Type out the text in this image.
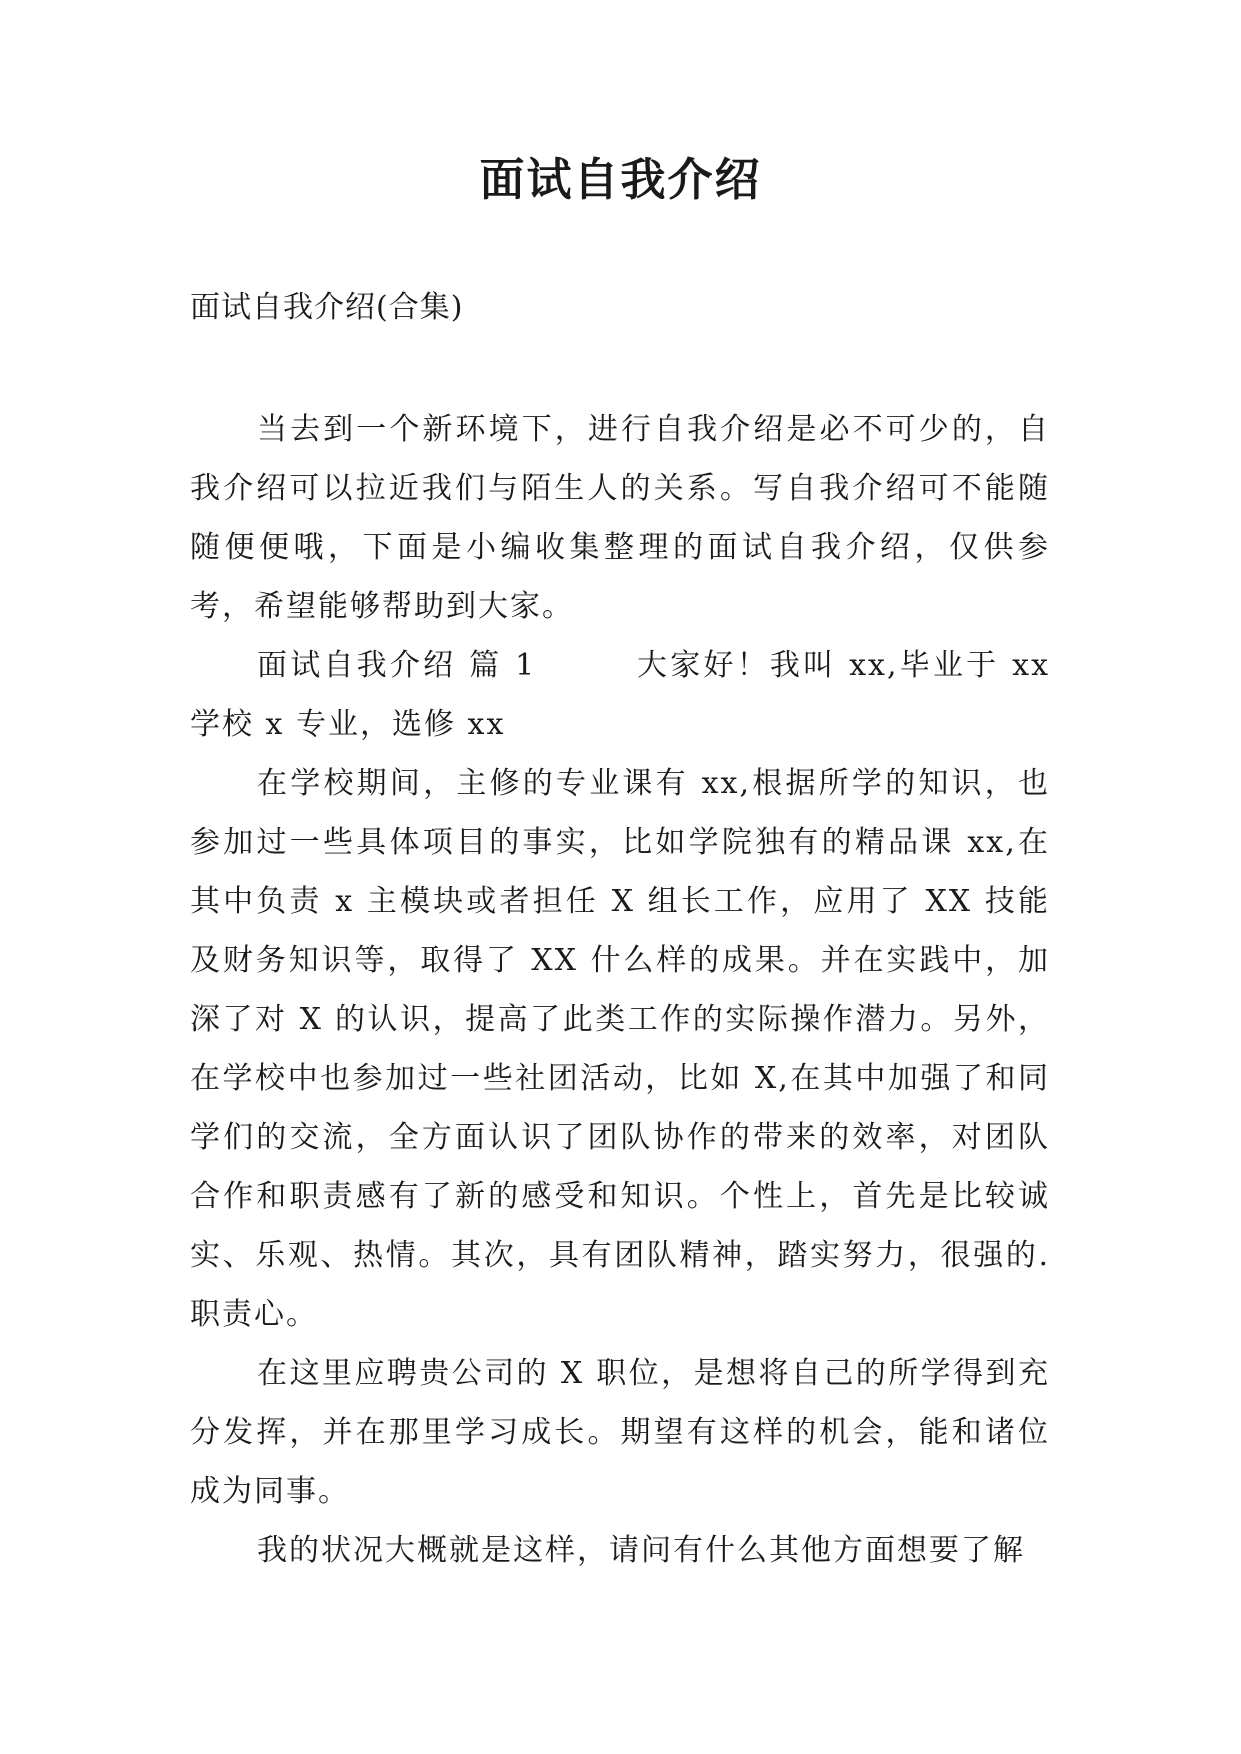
面试自我介绍

面试自我介绍(合集)

当去到一个新环境下，进行自我介绍是必不可少的，自我介绍可以拉近我们与陌生人的关系。写自我介绍可不能随随便便哦，下面是小编收集整理的面试自我介绍，仅供参考，希望能够帮助到大家。

面试自我介绍 篇 1　　　大家好！我叫 xx,毕业于 xx 学校 x 专业，选修 xx

在学校期间，主修的专业课有 xx,根据所学的知识，也参加过一些具体项目的事实，比如学院独有的精品课 xx,在其中负责 x 主模块或者担任 X 组长工作，应用了 XX 技能及财务知识等，取得了 XX 什么样的成果。并在实践中，加深了对 X 的认识，提高了此类工作的实际操作潜力。另外，在学校中也参加过一些社团活动，比如 X,在其中加强了和同学们的交流，全方面认识了团队协作的带来的效率，对团队合作和职责感有了新的感受和知识。个性上，首先是比较诚实、乐观、热情。其次，具有团队精神，踏实努力，很强的.职责心。

在这里应聘贵公司的 X 职位，是想将自己的所学得到充分发挥，并在那里学习成长。期望有这样的机会，能和诸位成为同事。

我的状况大概就是这样，请问有什么其他方面想要了解
